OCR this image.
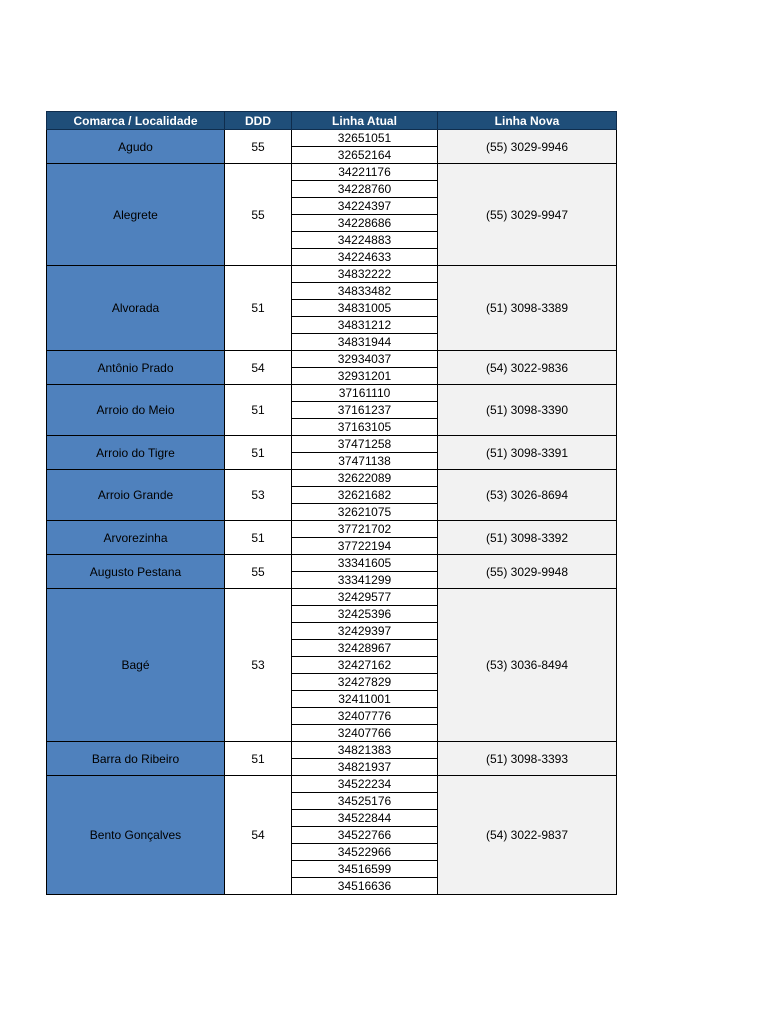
Comarca / Localidade	DDD	Linha Atual	Linha Nova
Agudo	55	32651051	(55) 3029-9946
		32652164	
Alegrete	55	34221176	(55) 3029-9947
		34228760	
		34224397	
		34228686	
		34224883	
		34224633	
Alvorada	51	34832222	(51) 3098-3389
		34833482	
		34831005	
		34831212	
		34831944	
Antônio Prado	54	32934037	(54) 3022-9836
		32931201	
Arroio do Meio	51	37161110	(51) 3098-3390
		37161237	
		37163105	
Arroio do Tigre	51	37471258	(51) 3098-3391
		37471138	
Arroio Grande	53	32622089	(53) 3026-8694
		32621682	
		32621075	
Arvorezinha	51	37721702	(51) 3098-3392
		37722194	
Augusto Pestana	55	33341605	(55) 3029-9948
		33341299	
Bagé	53	32429577	(53) 3036-8494
		32425396	
		32429397	
		32428967	
		32427162	
		32427829	
		32411001	
		32407776	
		32407766	
Barra do Ribeiro	51	34821383	(51) 3098-3393
		34821937	
Bento Gonçalves	54	34522234	(54) 3022-9837
		34525176	
		34522844	
		34522766	
		34522966	
		34516599	
		34516636	
